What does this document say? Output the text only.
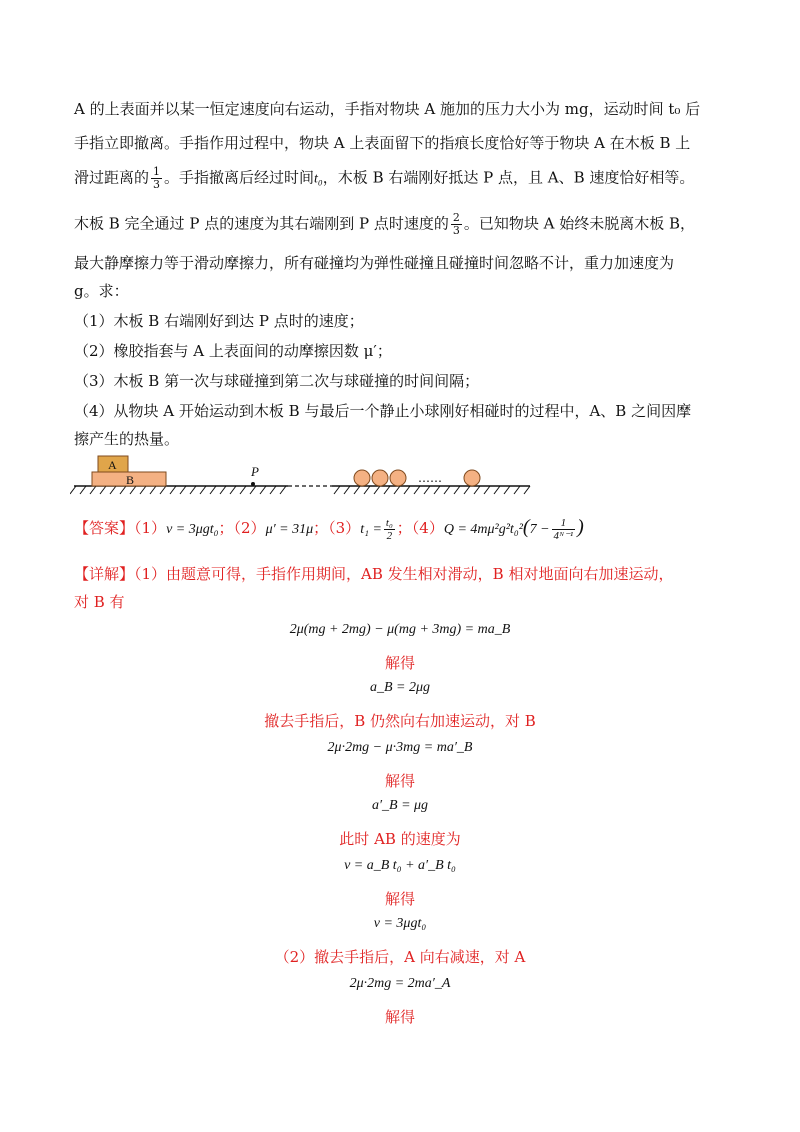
A 的上表面并以某一恒定速度向右运动，手指对物块 A 施加的压力大小为 mg，运动时间 t₀ 后
手指立即撤离。手指作用过程中，物块 A 上表面留下的指痕长度恰好等于物块 A 在木板 B 上
滑过距离的 $\frac{1}{3}$ 。手指撤离后经过时间t₀，木板 B 右端刚好抵达 P 点，且 A、B 速度恰好相等。
木板 B 完全通过 P 点的速度为其右端刚到 P 点时速度的 $\frac{2}{3}$ 。已知物块 A 始终未脱离木板 B，
最大静摩擦力等于滑动摩擦力，所有碰撞均为弹性碰撞且碰撞时间忽略不计，重力加速度为
g。求：
（1）木板 B 右端刚好到达 P 点时的速度；
（2）橡胶指套与 A 上表面间的动摩擦因数 μ′；
（3）木板 B 第一次与球碰撞到第二次与球碰撞的时间间隔；
（4）从物块 A 开始运动到木板 B 与最后一个静止小球刚好相碰时的过程中，A、B 之间因摩
擦产生的热量。
B
A	P	……
【答案】（1）v = 3μgt₀；（2）μ′ = 31μ；$(3)t_1 = \frac{\text{t₀}}{2}$ ；$(4)Q = 4m\mu^2g^2t_0^2(7 - \frac{1}{\text{4ᴺ⁻¹}}$ )
【详解】（1）由题意可得，手指作用期间，AB 发生相对滑动，B 相对地面向右加速运动，
对 B 有
2μ(mg + 2mg) − μ(mg + 3mg) = ma_B
解得
a_B = 2μg
撤去手指后，B 仍然向右加速运动，对 B
2μ·2mg − μ·3mg = ma′_B
解得
a′_B = μg
此时 AB 的速度为
v = a_B t₀ + a′_B t₀
解得
v = 3μgt₀
（2）撤去手指后，A 向右减速，对 A
2μ·2mg = 2ma′_A
解得
